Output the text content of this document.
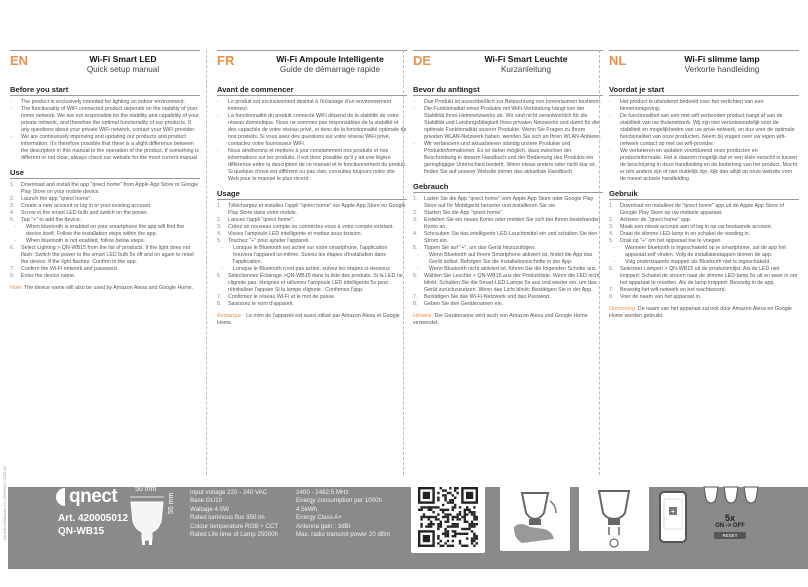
EN	Wi-Fi Smart LED
Quick setup manual
Before you start
- The product is exclusively intended for lighting an indoor environment.
- The functionality of WiFi connected product depends on the stability of your home network. We are not responsible for the stability and capability of your private network, and therefore the optimal functionality of our products. If any questions about your private WiFi network, contact your WiFi provider.
- We are continuously improving and updating our products and product information. It's therefore possible that there is a slight difference between the description in this manual to the operation of the product. If something is different or not clear, always check our website for the most current manual
Use
1. Download and install the app "qnect home" from Apple App Store or Google Play Store on your mobile device.
2. Launch the app "qnect home".
3. Create a new account or log in to your existing account.
4. Screw in the smart LED bulb and switch on the power.
5. Tap "+" to add the device.
- When bluetooth is enabled on your smartphone the app will find the device itself. Follow the installation steps within the app.
- When bluetooth is not enabled, follow below steps.
6. Select Lighting > QN-WB15 from the list of products. If the light does not flash: Switch the power to the smart LED bulb 5x off and on again to reset the device. If the light flashes: Confirm in the app.
7. Confirm the Wi-Fi network and password.
8. Enter the device name.
Note: The device name will also be used by Amazon Alexa and Google Home.
FR	Wi-Fi Ampoule Intelligente
Guide de démarrage rapide
Avant de commencer
- Le produit est exclusivement destiné à l'éclairage d'un environnement intérieur.
- La fonctionnalité du produit connecté WiFi dépend de la stabilité de votre réseau domestique. Nous ne sommes pas responsables de la stabilité et des capacités de votre réseau privé, et donc de la fonctionnalité optimale de nos produits. Si vous avez des questions sur votre réseau WiFi privé, contactez votre fournisseur WiFi.
- Nous améliorons et mettons à jour constamment nos produits et nos informations sur les produits. Il est donc possible qu'il y ait une légère différence entre la description de ce manuel et le fonctionnement du produit. Si quelque chose est différent ou pas clair, consultez toujours notre site Web pour le manuel le plus récent
Usage
1. Téléchargez et installez l'appli "qnect home" sur Apple App Store ou Google Play Store dans votre mobile.
2. Lancez l'appli "qnect home".
3. Créez un nouveau compte ou connectez-vous à votre compte existant.
4. Vissez l'ampoule LED intelligente et mettez sous tension.
5. Touchez "+" pour ajouter l'appareil.
- Lorsque le Bluetooth est activé sur votre smartphone, l'application trouvera l'appareil lui-même. Suivez les étapes d'installation dans l'application.
- Lorsque le Bluetooth n'est pas activé, suivez les étapes ci-dessous
6. Sélectionnez Éclairage >QN-WB15 dans la liste des produits. Si la LED ne clignote pas: éteignez et rallumez l'ampoule LED intelligente 5x pour réinitialiser l'appare Si la lampe clignote : Confirmez l'app.
7. Confirmez le réseau Wi-Fi et le mot de passe.
8. Saisissez le nom d'appareil.
Remarque : Le nom de l'appareil est aussi utilisé par Amazon Alexa et Google Home.
DE	Wi-Fi Smart Leuchte
Kurzanleitung
Bevor du anfängst
- Das Produkt ist ausschließlich zur Beleuchtung von Innenräumen bestimmt.
- Die Funktionalität eines Produkts mit WiFi-Verbindung hängt von der Stabilität Ihres Heimnetzwerks ab. Wir sind nicht verantwortlich für die Stabilität und Leistungsfähigkeit Ihres privaten Netzwerks und damit für die optimale Funktionalität unserer Produkte. Wenn Sie Fragen zu Ihrem privaten WLAN-Netzwerk haben, wenden Sie sich an Ihren WLAN-Anbieter.
- Wir verbessern und aktualisieren ständig unsere Produkte und Produktinformationen. Es ist daher möglich, dass zwischen der Beschreibung in diesem Handbuch und der Bedienung des Produkts ein geringfügiger Unterschied besteht. Wenn etwas anders oder nicht klar ist, finden Sie auf unserer Website immer das aktuellste Handbuch
Gebrauch
1. Laden Sie die App "qnect home" vom Apple App Store oder Google Play Store auf Ihr Mobilgerät herunter und installieren Sie sie.
2. Starten Sie die App "qnect home".
3. Erstellen Sie ein neues Konto oder melden Sie sich bei Ihrem bestehenden Konto an.
4. Schrauben Sie das intelligente LED-Leuchtmittel ein und schalten Sie den Strom ein.
5. Tippen Sie auf "+", um das Gerät hinzuzufügen.
- Wenn Bluetooth auf Ihrem Smartphone aktiviert ist, findet die App das Gerät selbst. Befolgen Sie die Installationsschritte in der App.
- Wenn Bluetooth nicht aktiviert ist, führen Sie die folgenden Schritte aus.
6. Wählen Sie Leuchte > QN-WB15 aus der Produktliste. Wenn die LED nicht blinkt: Schalten Sie die Smart-LED-Lampe 5x aus und wieder ein, um das Gerät zurückzusetzen. Wenn das Licht blinkt: Bestätigen Sie in der App.
7. Bestätigen Sie das Wi-Fi-Netzwerk und das Passwort.
8. Geben Sie den Gerätenamen ein.
Hinweis: Der Gerätename wird auch von Amazon Alexa und Google Home verwendet.
NL	Wi-Fi slimme lamp
Verkorte handleiding
Voordat je start
- Het product is uitsluitend bedoeld voor het verlichten van een binnenomgeving.
- De functionaliteit van een met wifi verbonden product hangt af van de stabiliteit van uw thuisnetwerk. Wij zijn niet verantwoordelijk voor de stabiliteit en mogelijkheden van uw privé-netwerk, en dus voor de optimale functionaliteit van onze producten. Neem bij vragen over uw eigen wifi-netwerk contact op met uw wifi-provider.
- We verbeteren en updaten voortdurend onze producten en productinformatie. Het is daarom mogelijk dat er een klein verschil is tussen de beschrijving in deze handleiding en de bediening van het product. Mocht er iets anders zijn of niet duidelijk zijn, kijk dan altijd op onze website voor de meest actuele handleiding
Gebruik
1. Download en installeer de "qnect home" app uit de Apple App Store of Google Play Store op uw mobiele apparaat.
2. Activeer de "qnect home" app.
3. Maak een nieuw account aan of log in op uw bestaande account.
4. Draai de slimme LED-lamp in en schakel de voeding in.
5. Druk op "+" om het apparaat toe te voegen.
- Wanneer bluetooth is ingeschakeld op je smartphone, zal de app het apparaat zelf vinden. Volg de installatiestappen binnen de app.
- Volg onderstaande stappen als Bluetooth niet is ingeschakeld.
6. Selecteer Lampen > QN-WB15 uit de productenlijst. Als de LED niet knippert: Schakel de stroom naar de slimme LED-lamp 5x uit en weer in om het apparaat te resetten. Als de lamp knippert: Bevestig in de app.
7. Bevestig het wifi-netwerk en het wachtwoord.
8. Voer de naam van het apparaat in.
Opmerking: De naam van het apparaat zal ook door Amazon Alexa en Google Home worden gebruikt.
qnect
Art. 420005012
QN-WB15
50 mm
55 mm
Input voltage 220 - 240 VAC
Base GU10
Wattage 4.5W
Rated luminous flux 350 lm
Colour temperature RGB + CCT
Rated Life time of Lamp 25000h
2400 - 2482.5 MHz
Energy consumption per 1000h
4.5kWh
Energy Class A+
Antenna gain : 3dBi
Max. radio transmit power 20 dBm
+
5x
ON -> OFF
RESET
QN-WB15-MANUAL-V1 / 420005012 / 2020-02
